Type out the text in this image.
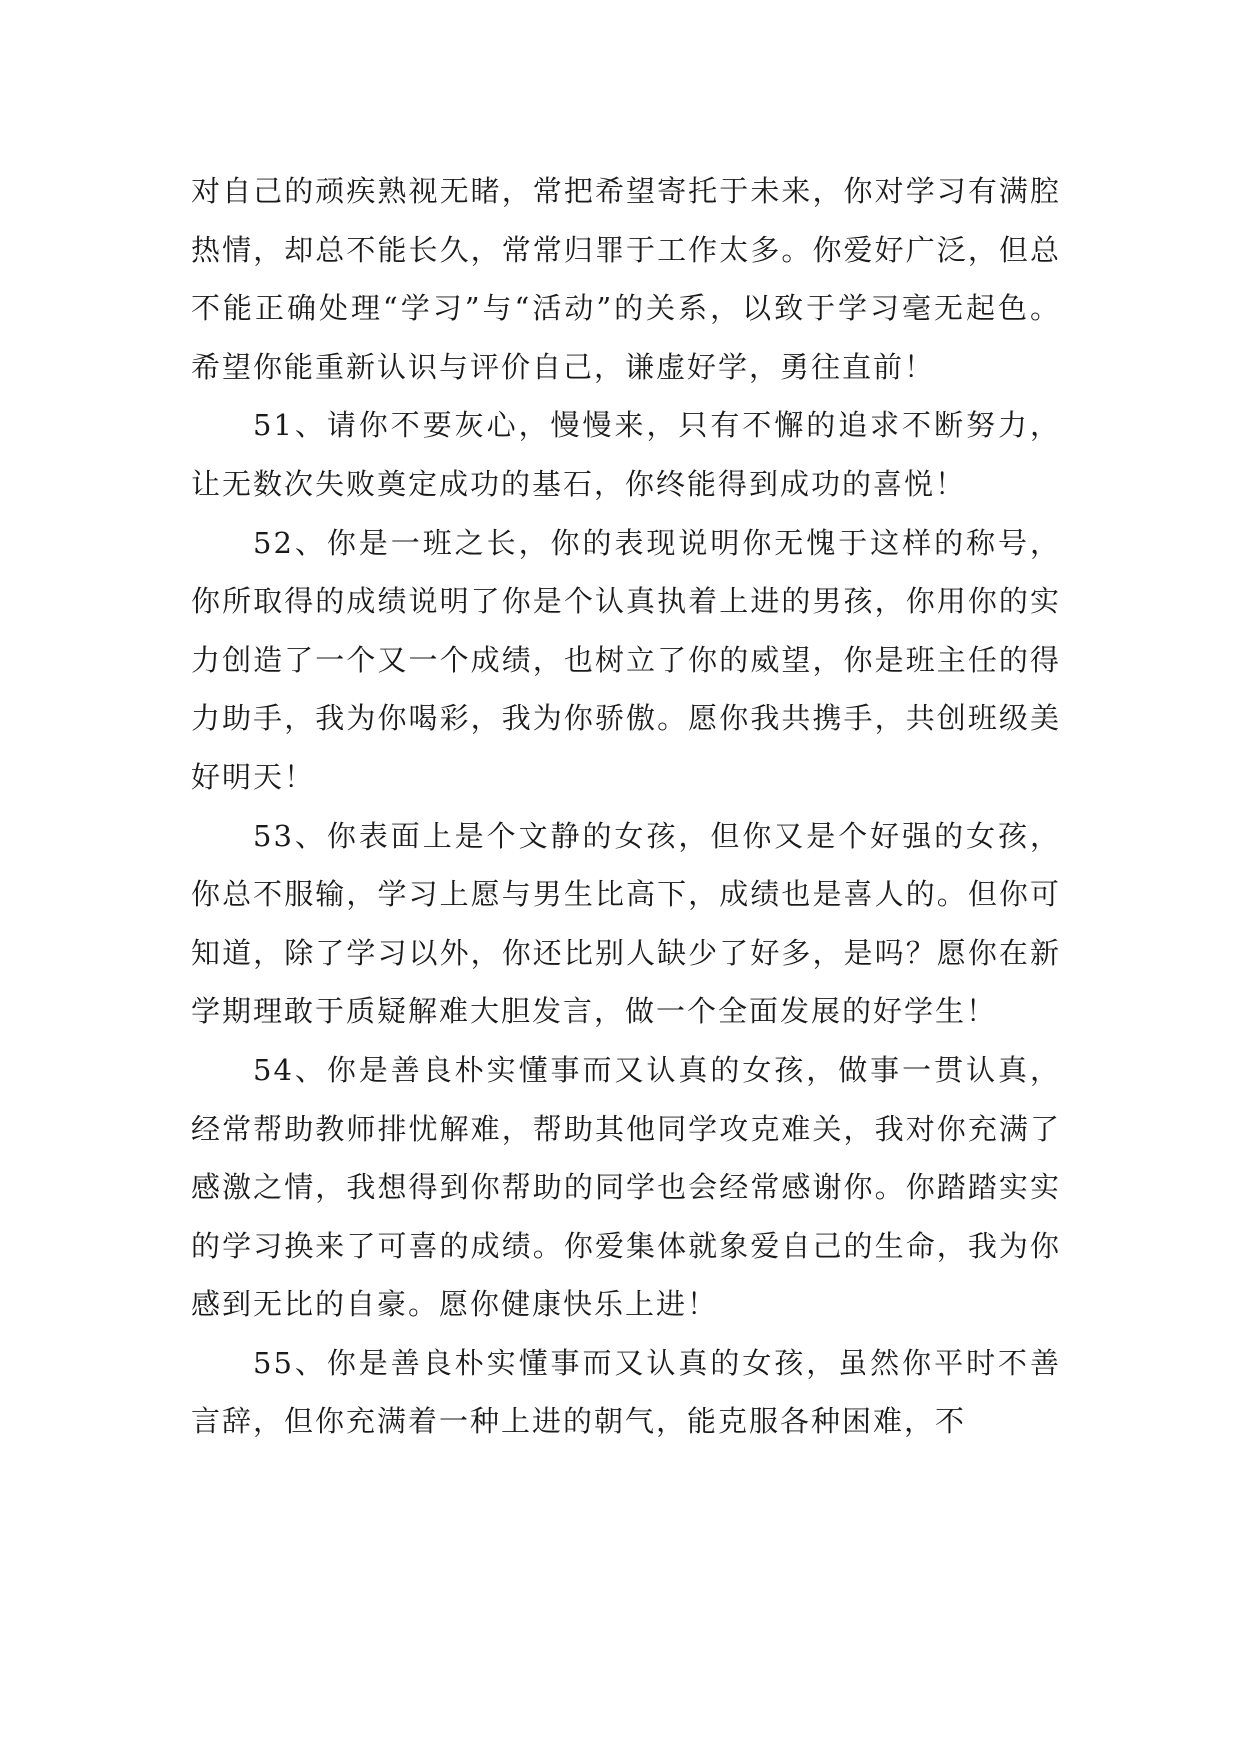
对自己的顽疾熟视无睹，常把希望寄托于未来，你对学习有满腔热情，却总不能长久，常常归罪于工作太多。你爱好广泛，但总不能正确处理“学习”与“活动”的关系，以致于学习毫无起色。希望你能重新认识与评价自己，谦虚好学，勇往直前！

51、请你不要灰心，慢慢来，只有不懈的追求不断努力，让无数次失败奠定成功的基石，你终能得到成功的喜悦！

52、你是一班之长，你的表现说明你无愧于这样的称号，你所取得的成绩说明了你是个认真执着上进的男孩，你用你的实力创造了一个又一个成绩，也树立了你的威望，你是班主任的得力助手，我为你喝彩，我为你骄傲。愿你我共携手，共创班级美好明天！

53、你表面上是个文静的女孩，但你又是个好强的女孩，你总不服输，学习上愿与男生比高下，成绩也是喜人的。但你可知道，除了学习以外，你还比别人缺少了好多，是吗？愿你在新学期理敢于质疑解难大胆发言，做一个全面发展的好学生！

54、你是善良朴实懂事而又认真的女孩，做事一贯认真，经常帮助教师排忧解难，帮助其他同学攻克难关，我对你充满了感激之情，我想得到你帮助的同学也会经常感谢你。你踏踏实实的学习换来了可喜的成绩。你爱集体就象爱自己的生命，我为你感到无比的自豪。愿你健康快乐上进！

55、你是善良朴实懂事而又认真的女孩，虽然你平时不善言辞，但你充满着一种上进的朝气，能克服各种困难，不
